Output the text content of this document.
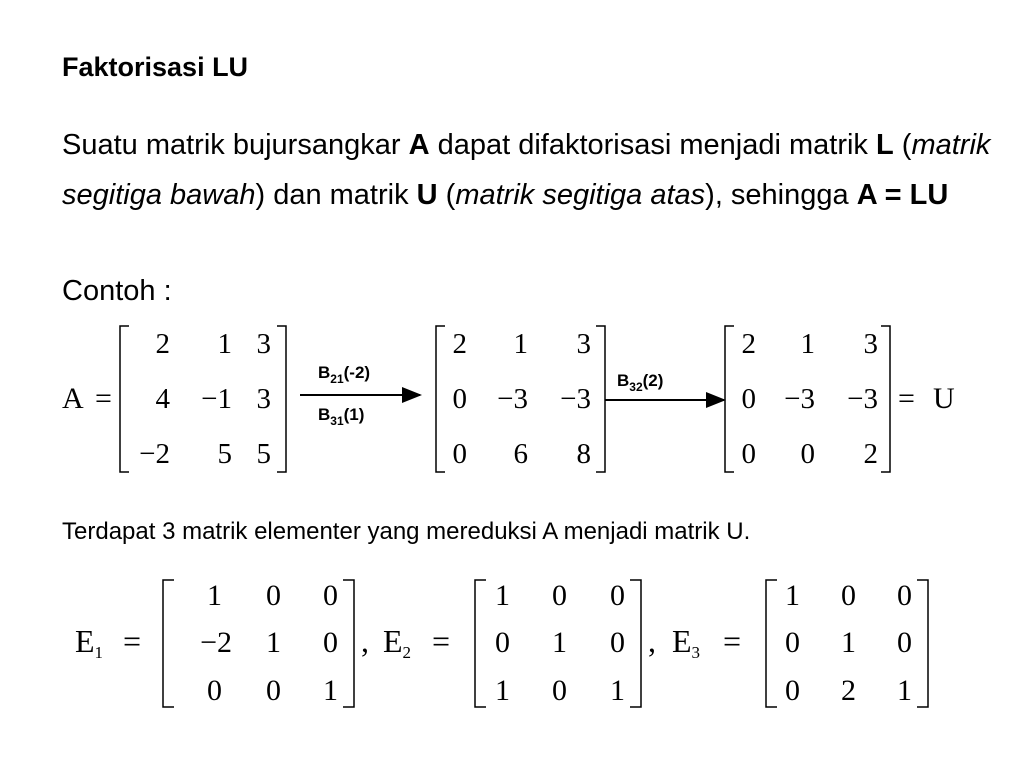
Faktorisasi LU
Suatu matrik bujursangkar A dapat difaktorisasi menjadi matrik L (matrik segitiga bawah) dan matrik U (matrik segitiga atas), sehingga A = LU
Contoh :
A =
2 1 3
4 −1 3
−2 5 5
$B_{21}(-2)$
$B_{31}(1)$
2 1 3
0 −3 −3
0 6 8
$B_{32}(2)$
2 1 3
0 −3 −3
0 0 2
= U
E1 =
1 0 0
−2 1 0
0 0 1
, E2 =
1 0 0
0 1 0
1 0 1
, E3 =
1 0 0
0 1 0
0 2 1
Terdapat 3 matrik elementer yang mereduksi A menjadi matrik U.
